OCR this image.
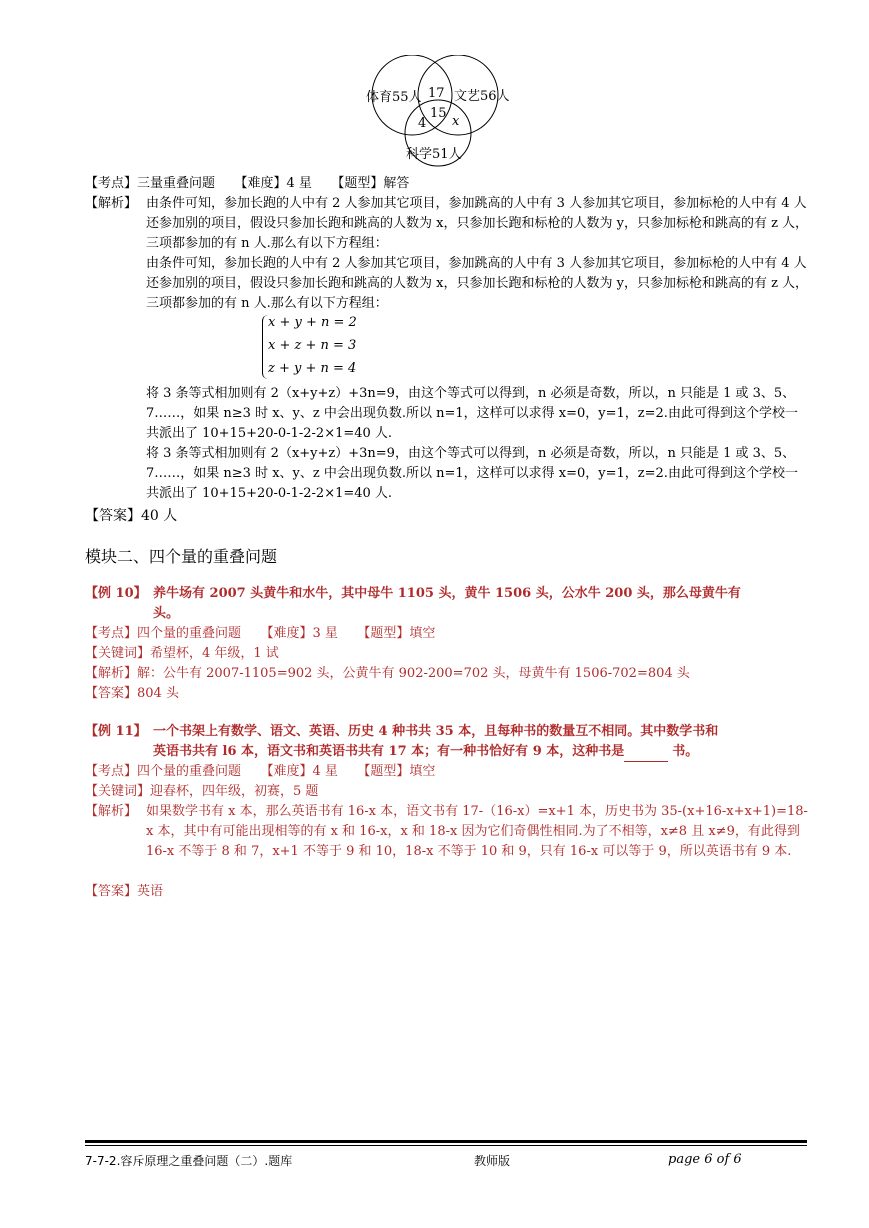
体育55人 文艺56人
科学51人
17
15
4 x
【考点】三量重叠问题　　【难度】4 星　　【题型】解答
【解析】 由条件可知，参加长跑的人中有 2 人参加其它项目，参加跳高的人中有 3 人参加其它项目，参加标枪的人中有 4 人还参加别的项目，假设只参加长跑和跳高的人数为 x，只参加长跑和标枪的人数为 y，只参加标枪和跳高的有 z 人，三项都参加的有 n 人.那么有以下方程组：
由条件可知，参加长跑的人中有 2 人参加其它项目，参加跳高的人中有 3 人参加其它项目，参加标枪的人中有 4 人还参加别的项目，假设只参加长跑和跳高的人数为 x，只参加长跑和标枪的人数为 y，只参加标枪和跳高的有 z 人，三项都参加的有 n 人.那么有以下方程组：
x + y + n = 2
x + z + n = 3
z + y + n = 4
将 3 条等式相加则有 2（x+y+z）+3n=9，由这个等式可以得到，n 必须是奇数，所以，n 只能是 1 或 3、5、7……，如果 n≥3 时 x、y、z 中会出现负数.所以 n=1，这样可以求得 x=0，y=1，z=2.由此可得到这个学校一共派出了 10+15+20-0-1-2-2×1=40 人.
将 3 条等式相加则有 2（x+y+z）+3n=9，由这个等式可以得到，n 必须是奇数，所以，n 只能是 1 或 3、5、7……，如果 n≥3 时 x、y、z 中会出现负数.所以 n=1，这样可以求得 x=0，y=1，z=2.由此可得到这个学校一共派出了 10+15+20-0-1-2-2×1=40 人.
【答案】40 人
模块二、四个量的重叠问题
【例 10】 养牛场有 2007 头黄牛和水牛，其中母牛 1105 头，黄牛 1506 头，公水牛 200 头，那么母黄牛有
头。
【考点】四个量的重叠问题　　【难度】3 星　　【题型】填空
【关键词】希望杯，4 年级，1 试
【解析】解：公牛有 2007-1105=902 头，公黄牛有 902-200=702 头，母黄牛有 1506-702=804 头
【答案】804 头
【例 11】 一个书架上有数学、语文、英语、历史 4 种书共 35 本，且每种书的数量互不相同。其中数学书和
英语书共有 l6 本，语文书和英语书共有 17 本；有一种书恰好有 9 本，这种书是	书。
【考点】四个量的重叠问题　　【难度】4 星　　【题型】填空
【关键词】迎春杯，四年级，初赛，5 题
【解析】 如果数学书有 x 本，那么英语书有 16-x 本，语文书有 17-（16-x）=x+1 本，历史书为 35-(x+16-x+x+1)=18-x 本，其中有可能出现相等的有 x 和 16-x，x 和 18-x 因为它们奇偶性相同.为了不相等，x≠8 且 x≠9，有此得到 16-x 不等于 8 和 7，x+1 不等于 9 和 10，18-x 不等于 10 和 9，只有 16-x 可以等于 9，所以英语书有 9 本.
【答案】英语
7-7-2.容斥原理之重叠问题（二）.题库	教师版	page 6 of 6
